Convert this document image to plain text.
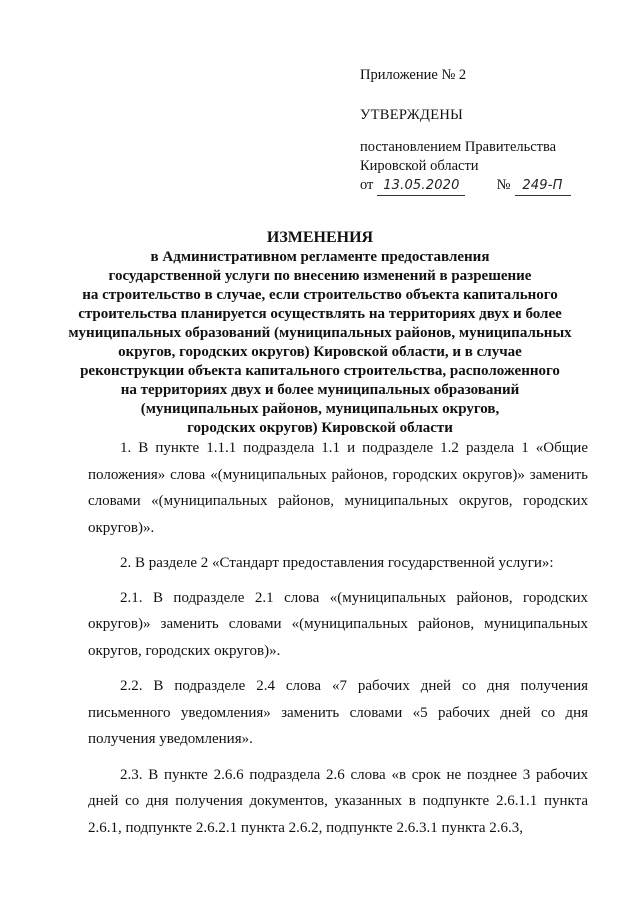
Приложение № 2
УТВЕРЖДЕНЫ
постановлением Правительства
Кировской области
от 13.05.2020	№ 249-П
ИЗМЕНЕНИЯ
в Административном регламенте предоставления
государственной услуги по внесению изменений в разрешение
на строительство в случае, если строительство объекта капитального
строительства планируется осуществлять на территориях двух и более
муниципальных образований (муниципальных районов, муниципальных
округов, городских округов) Кировской области, и в случае
реконструкции объекта капитального строительства, расположенного
на территориях двух и более муниципальных образований
(муниципальных районов, муниципальных округов,
городских округов) Кировской области

1. В пункте 1.1.1 подраздела 1.1 и подразделе 1.2 раздела 1 «Общие положения» слова «(муниципальных районов, городских округов)» заменить словами «(муниципальных районов, муниципальных округов, городских округов)».

2. В разделе 2 «Стандарт предоставления государственной услуги»:

2.1. В подразделе 2.1 слова «(муниципальных районов, городских округов)» заменить словами «(муниципальных районов, муниципальных округов, городских округов)».

2.2. В подразделе 2.4 слова «7 рабочих дней со дня получения письменного уведомления» заменить словами «5 рабочих дней со дня получения уведомления».

2.3. В пункте 2.6.6 подраздела 2.6 слова «в срок не позднее 3 рабочих дней со дня получения документов, указанных в подпункте 2.6.1.1 пункта 2.6.1, подпункте 2.6.2.1 пункта 2.6.2, подпункте 2.6.3.1 пункта 2.6.3,
